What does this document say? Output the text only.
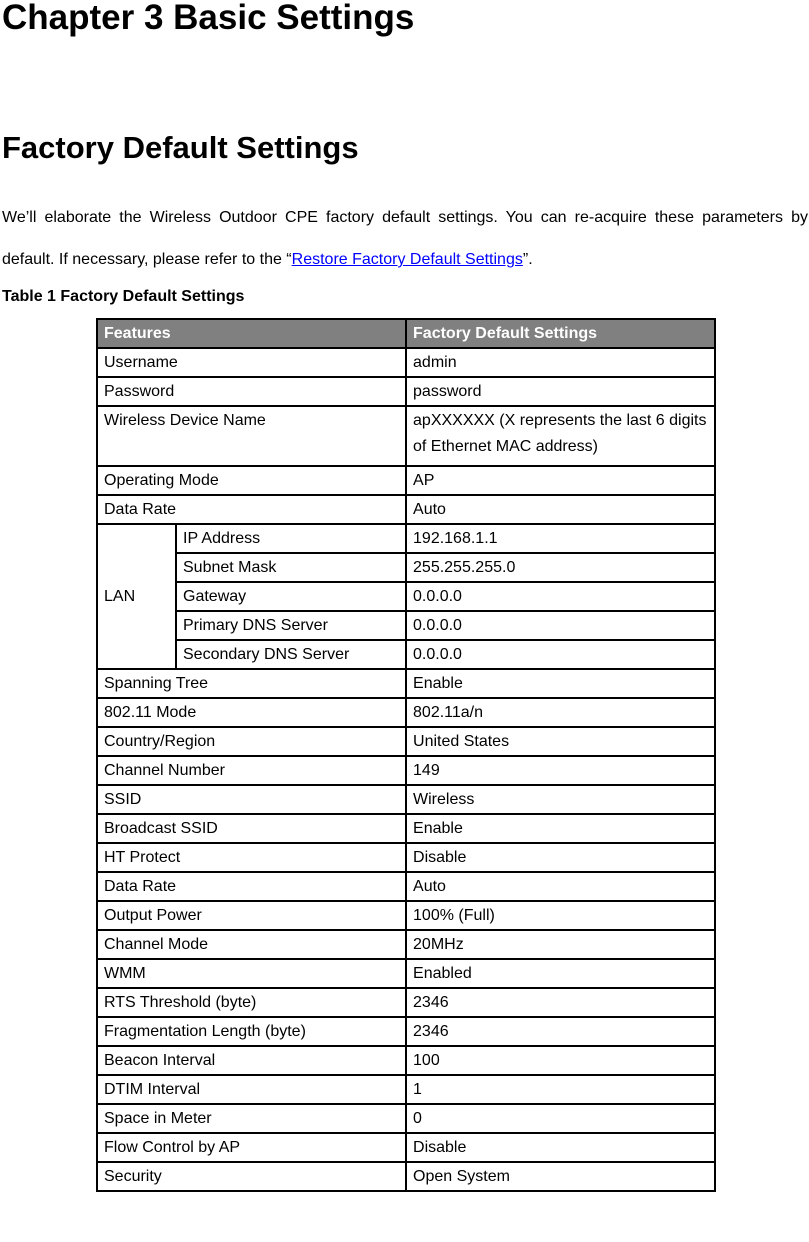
Chapter 3 Basic Settings
Factory Default Settings

We’ll elaborate the Wireless Outdoor CPE factory default settings. You can re-acquire these parameters by default. If necessary, please refer to the “Restore Factory Default Settings”.

Table 1 Factory Default Settings

Features		Factory Default Settings
Username		admin
Password		password
Wireless Device Name		apXXXXXX (X represents the last 6 digits of Ethernet MAC address)
Operating Mode		AP
Data Rate		Auto
LAN	IP Address	192.168.1.1
	Subnet Mask	255.255.255.0
	Gateway	0.0.0.0
	Primary DNS Server	0.0.0.0
	Secondary DNS Server	0.0.0.0
Spanning Tree		Enable
802.11 Mode		802.11a/n
Country/Region		United States
Channel Number		149
SSID		Wireless
Broadcast SSID		Enable
HT Protect		Disable
Data Rate		Auto
Output Power		100% (Full)
Channel Mode		20MHz
WMM		Enabled
RTS Threshold (byte)		2346
Fragmentation Length (byte)		2346
Beacon Interval		100
DTIM Interval		1
Space in Meter		0
Flow Control by AP		Disable
Security		Open System
